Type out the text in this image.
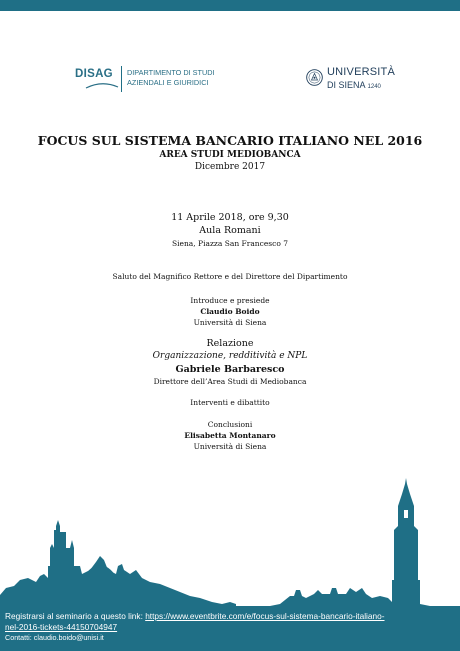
DISAG DIPARTIMENTO DI STUDI
AZIENDALI E GIURIDICI
UNIVERSITÀ
DI SIENA 1240
FOCUS SUL SISTEMA BANCARIO ITALIANO NEL 2016
AREA STUDI MEDIOBANCA
Dicembre 2017
11 Aprile 2018, ore 9,30
Aula Romani
Siena, Piazza San Francesco 7
Saluto del Magnifico Rettore e del Direttore del Dipartimento
Introduce e presiede
Claudio Boido
Università di Siena
Relazione
Organizzazione, redditività e NPL
Gabriele Barbaresco
Direttore dell’Area Studi di Mediobanca
Interventi e dibattito
Conclusioni
Elisabetta Montanaro
Università di Siena
Registrarsi al seminario a questo link: https://www.eventbrite.com/e/focus-sul-sistema-bancario-italiano-
nel-2016-tickets-44150704947
Contatti: claudio.boido@unisi.it
